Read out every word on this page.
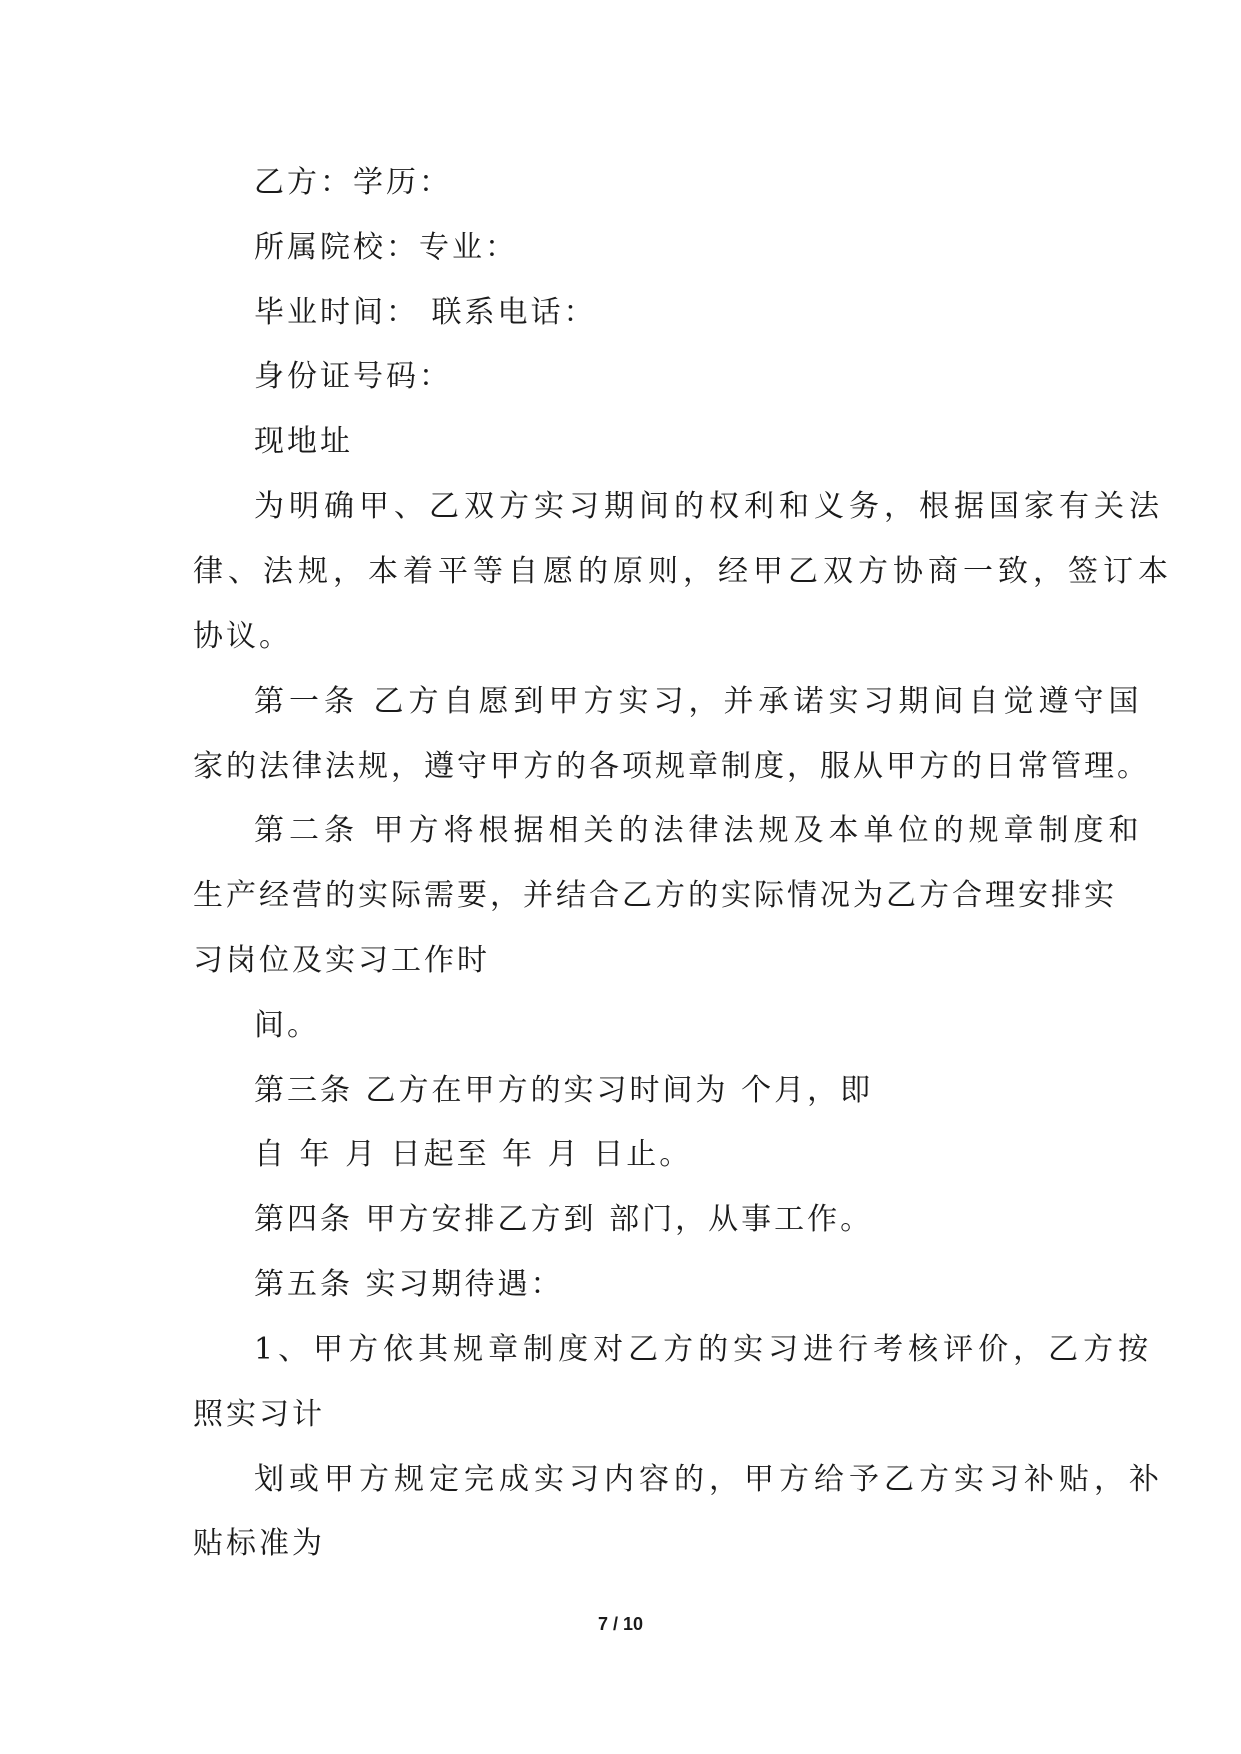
乙方：学历：

所属院校：专业：

毕业时间： 联系电话：

身份证号码：

现地址

为明确甲、乙双方实习期间的权利和义务，根据国家有关法

律、法规，本着平等自愿的原则，经甲乙双方协商一致，签订本

协议。

第一条 乙方自愿到甲方实习，并承诺实习期间自觉遵守国

家的法律法规，遵守甲方的各项规章制度，服从甲方的日常管理。

第二条 甲方将根据相关的法律法规及本单位的规章制度和

生产经营的实际需要，并结合乙方的实际情况为乙方合理安排实

习岗位及实习工作时

间。

第三条 乙方在甲方的实习时间为 个月，即

自 年 月 日起至 年 月 日止。

第四条 甲方安排乙方到 部门，从事工作。

第五条 实习期待遇：

1、甲方依其规章制度对乙方的实习进行考核评价，乙方按

照实习计

划或甲方规定完成实习内容的，甲方给予乙方实习补贴，补

贴标准为

7 / 10
